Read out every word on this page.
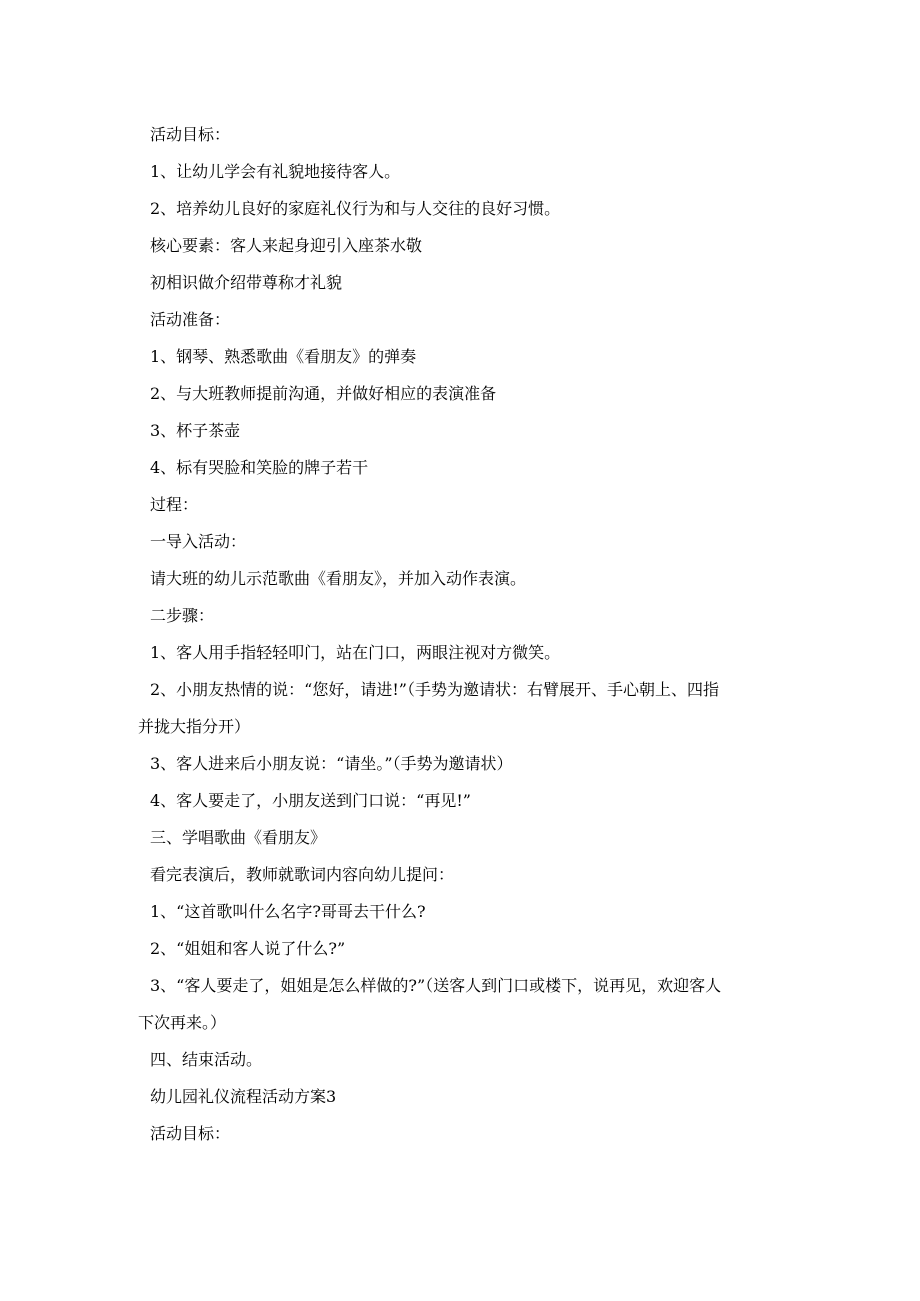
活动目标：
1、让幼儿学会有礼貌地接待客人。
2、培养幼儿良好的家庭礼仪行为和与人交往的良好习惯。
核心要素：客人来起身迎引入座茶水敬
初相识做介绍带尊称才礼貌
活动准备：
1、钢琴、熟悉歌曲《看朋友》的弹奏
2、与大班教师提前沟通，并做好相应的表演准备
3、杯子茶壶
4、标有哭脸和笑脸的牌子若干
过程：
一导入活动：
请大班的幼儿示范歌曲《看朋友》，并加入动作表演。
二步骤：
1、客人用手指轻轻叩门，站在门口，两眼注视对方微笑。
2、小朋友热情的说：“您好，请进!”（手势为邀请状：右臂展开、手心朝上、四指
并拢大指分开）
3、客人进来后小朋友说：“请坐。”（手势为邀请状）
4、客人要走了，小朋友送到门口说：“再见!”
三、学唱歌曲《看朋友》
看完表演后，教师就歌词内容向幼儿提问：
1、“这首歌叫什么名字?哥哥去干什么?
2、“姐姐和客人说了什么?”
3、“客人要走了，姐姐是怎么样做的?”（送客人到门口或楼下，说再见，欢迎客人
下次再来。）
四、结束活动。
幼儿园礼仪流程活动方案3
活动目标：
